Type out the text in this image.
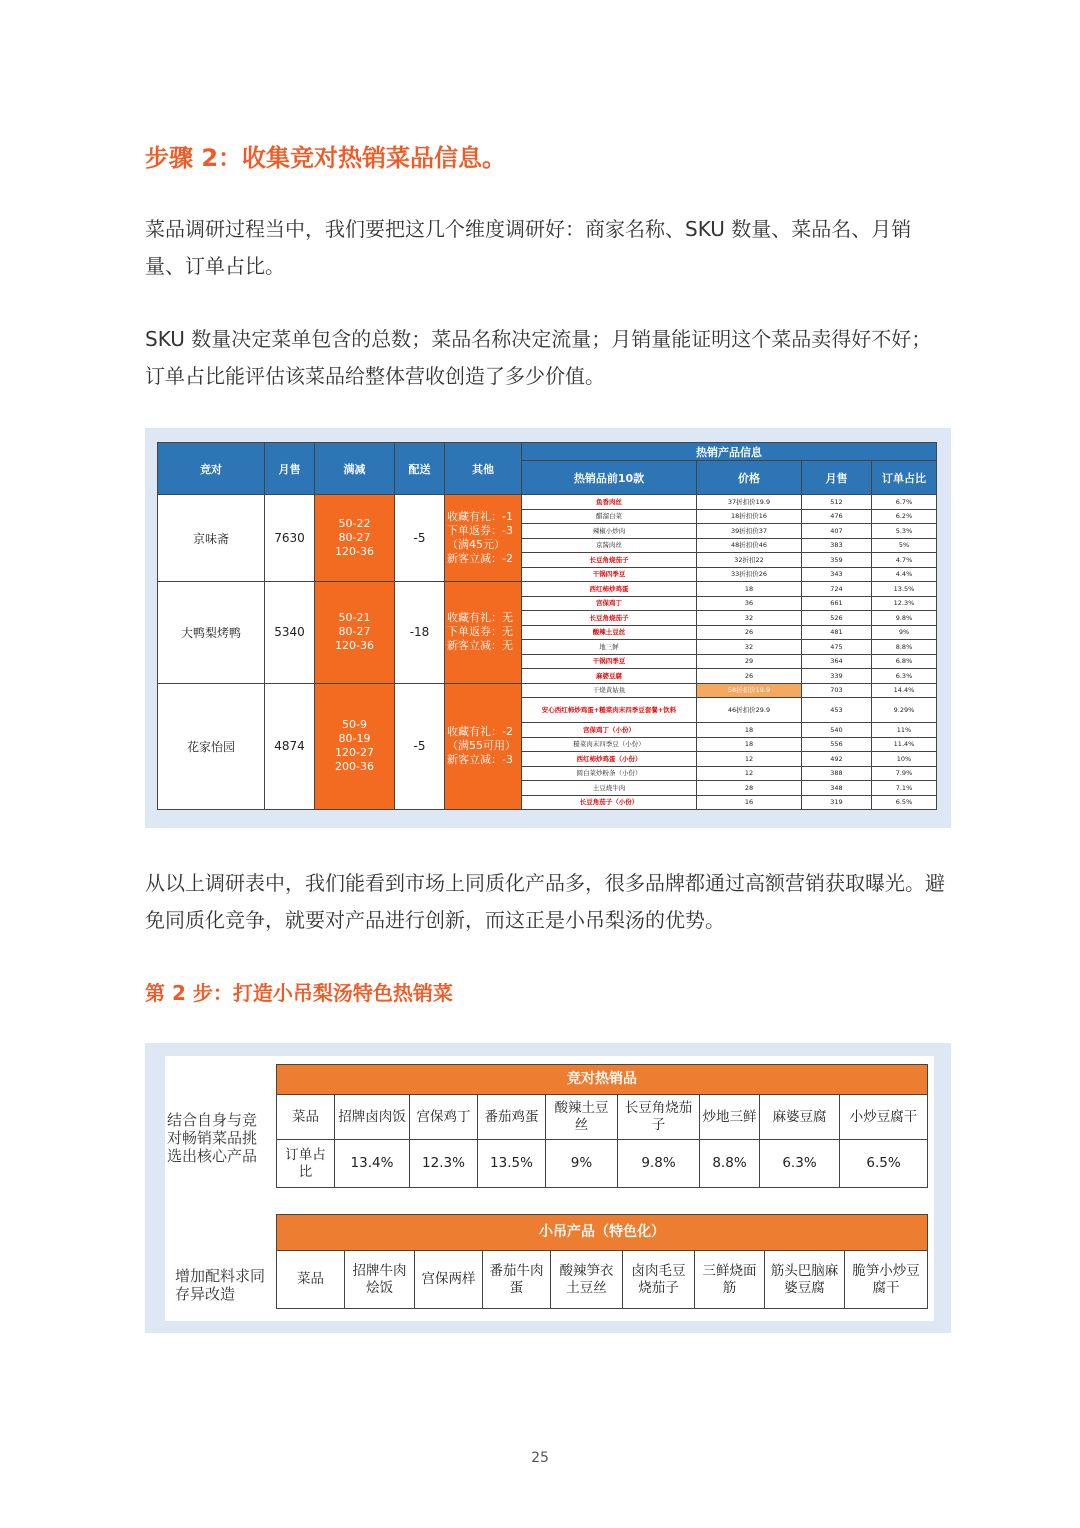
步骤 2：收集竞对热销菜品信息。
菜品调研过程当中，我们要把这几个维度调研好：商家名称、SKU 数量、菜品名、月销量、订单占比。
SKU 数量决定菜单包含的总数；菜品名称决定流量；月销量能证明这个菜品卖得好不好；订单占比能评估该菜品给整体营收创造了多少价值。
竞对	月售	满减	配送	其他	热销产品信息			
					热销品前10款	价格	月售	订单占比
京味斋	7630	50-22
80-27
120-36	-5	收藏有礼：-1
下单返券：-3
（满45元）
新客立减：-2	鱼香肉丝	37折扣价19.9	512	6.7%
					醋溜白菜	18折扣价16	476	6.2%
					辣椒小炒肉	39折扣价37	407	5.3%
					京酱肉丝	48折扣价46	383	5%
					长豆角烧茄子	32折扣22	359	4.7%
					干锅四季豆	33折扣价26	343	4.4%
大鸭梨烤鸭	5340	50-21
80-27
120-36	-18	收藏有礼：无
下单返券：无
新客立减：无	西红柿炒鸡蛋	18	724	13.5%
					宫保鸡丁	36	661	12.3%
					长豆角烧茄子	32	526	9.8%
					酸辣土豆丝	26	481	9%
					地三鲜	32	475	8.8%
					干锅四季豆	29	364	6.8%
					麻婆豆腐	26	339	6.3%
花家怡园	4874	50-9
80-19
120-27
200-36	-5	收藏有礼：-2
（满55可用）
新客立减：-3	干烧黄姑鱼	58折扣价19.9	703	14.4%
					安心西红柿炒鸡蛋+糙菜肉末四季豆套餐+饮料	46折扣价29.9	453	9.29%
					宫保鸡丁（小份）	18	540	11%
					糙菜肉末四季豆（小份）	18	556	11.4%
					西红柿炒鸡蛋（小份）	12	492	10%
					圆白菜炒粉条（小份）	12	388	7.9%
					土豆烧牛肉	28	348	7.1%
					长豆角茄子（小份）	16	319	6.5%
从以上调研表中，我们能看到市场上同质化产品多，很多品牌都通过高额营销获取曝光。避免同质化竞争，就要对产品进行创新，而这正是小吊梨汤的优势。
第 2 步：打造小吊梨汤特色热销菜
结合自身与竞对畅销菜品挑选出核心产品
增加配料求同存异改造
竞对热销品								
菜品	招牌卤肉饭	宫保鸡丁	番茄鸡蛋	酸辣土豆丝	长豆角烧茄子	炒地三鲜	麻婆豆腐	小炒豆腐干
订单占比	13.4%	12.3%	13.5%	9%	9.8%	8.8%	6.3%	6.5%
小吊产品（特色化）
菜品	招牌牛肉烩饭	宫保两样	番茄牛肉蛋	酸辣笋衣土豆丝	卤肉毛豆烧茄子	三鲜烧面筋	筋头巴脑麻婆豆腐	脆笋小炒豆腐干
25
